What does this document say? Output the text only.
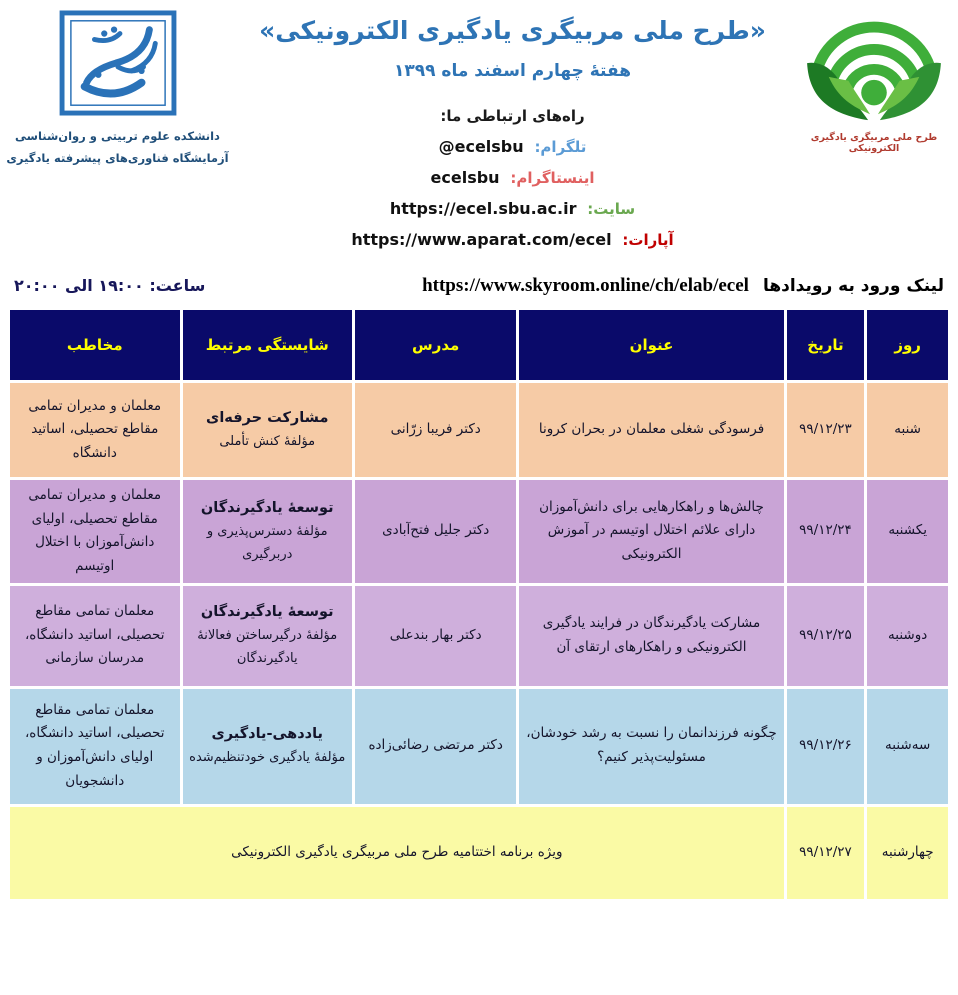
دانشکده علوم تربیتی و روان‌شناسی
آزمایشگاه فناوری‌های پیشرفته یادگیری
«طرح ملی مربیگری یادگیری الکترونیکی»
هفتهٔ چهارم اسفند ماه ۱۳۹۹
راه‌های ارتباطی ما:
تلگرام: @ecelsbu
اینستاگرام: ecelsbu
سایت: https://ecel.sbu.ac.ir
آپارات: https://www.aparat.com/ecel
طرح ملی مربیگری یادگیری الکترونیکی
لینک ورود به رویدادها
https://www.skyroom.online/ch/elab/ecel
ساعت: ۱۹:۰۰ الی ۲۰:۰۰
روز	تاریخ	عنوان	مدرس	شایستگی مرتبط	مخاطب
شنبه	۹۹/۱۲/۲۳	فرسودگی شغلی معلمان در بحران کرونا	دکتر فریبا زرّانی	مشارکت حرفه‌ای
مؤلفهٔ کنش تأملی	معلمان و مدیران تمامی مقاطع تحصیلی، اساتید دانشگاه
یکشنبه	۹۹/۱۲/۲۴	چالش‌ها و راهکارهایی برای دانش‌آموزان دارای علائم اختلال اوتیسم در آموزش الکترونیکی	دکتر جلیل فتح‌آبادی	توسعهٔ یادگیرندگان
مؤلفهٔ دسترس‌پذیری و دربرگیری	معلمان و مدیران تمامی مقاطع تحصیلی، اولیای دانش‌آموزان با اختلال اوتیسم
دوشنبه	۹۹/۱۲/۲۵	مشارکت یادگیرندگان در فرایند یادگیری الکترونیکی و راهکارهای ارتقای آن	دکتر بهار بندعلی	توسعهٔ یادگیرندگان
مؤلفهٔ درگیرساختن فعالانهٔ یادگیرندگان	معلمان تمامی مقاطع تحصیلی، اساتید دانشگاه، مدرسان سازمانی
سه‌شنبه	۹۹/۱۲/۲۶	چگونه فرزندانمان را نسبت به رشد خودشان، مسئولیت‌پذیر کنیم؟	دکتر مرتضی رضائی‌زاده	یاددهی-یادگیری
مؤلفهٔ یادگیری خودتنظیم‌شده	معلمان تمامی مقاطع تحصیلی، اساتید دانشگاه، اولیای دانش‌آموزان و دانشجویان
چهارشنبه	۹۹/۱۲/۲۷	ویژه برنامه اختتامیه طرح ملی مربیگری یادگیری الکترونیکی			
